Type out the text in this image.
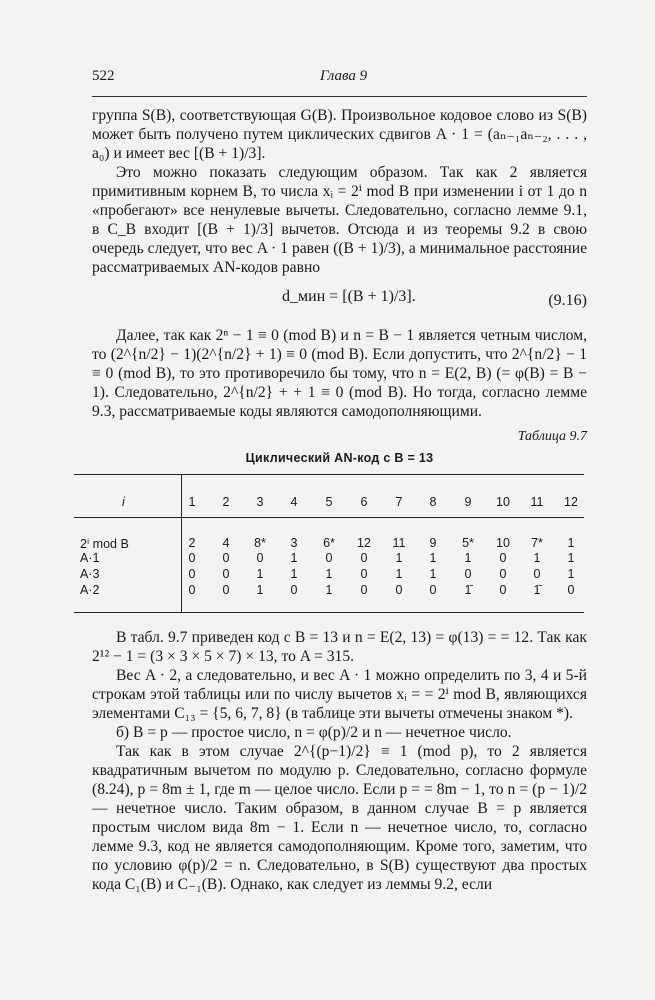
522	Глава 9

группа S(B), соответствующая G(B). Произвольное кодовое слово из S(B) может быть получено путем циклических сдвигов A · 1 = (aₙ₋₁aₙ₋₂, . . . , a₀) и имеет вес [(B + 1)/3].

Это можно показать следующим образом. Так как 2 является примитивным корнем B, то числа xᵢ = 2ⁱ mod B при изменении i от 1 до n «пробегают» все ненулевые вычеты. Следовательно, согласно лемме 9.1, в C_B входит [(B + 1)/3] вычетов. Отсюда и из теоремы 9.2 в свою очередь следует, что вес A · 1 равен ((B + 1)/3), а минимальное расстояние рассматриваемых AN-кодов равно

d_мин = [(B + 1)/3].	(9.16)

Далее, так как 2ⁿ − 1 ≡ 0 (mod B) и n = B − 1 является четным числом, то (2^{n/2} − 1)(2^{n/2} + 1) ≡ 0 (mod B). Если допустить, что 2^{n/2} − 1 ≡ 0 (mod B), то это противоречило бы тому, что n = E(2, B) (= φ(B) = B − 1). Следовательно, 2^{n/2} + + 1 ≡ 0 (mod B). Но тогда, согласно лемме 9.3, рассматриваемые коды являются самодополняющими.

Таблица 9.7
Циклический AN-код с B = 13
i	1	2	3	4	5	6	7	8	9	10	11	12
2ⁱ mod B	2	4	8*	3	6*	12	11	9	5*	10	7*	1
A·1	0	0	0	1	0	0	1	1	1	0	1	1
A·3	0	0	1	1	1	0	1	1	0	0	0	1
A·2	0	0	1	0	1	0	0	0	1̄	0	1̄	0

В табл. 9.7 приведен код с B = 13 и n = E(2, 13) = φ(13) = = 12. Так как 2¹² − 1 = (3 × 3 × 5 × 7) × 13, то A = 315.

Вес A · 2, а следовательно, и вес A · 1 можно определить по 3, 4 и 5-й строкам этой таблицы или по числу вычетов xᵢ = = 2ⁱ mod B, являющихся элементами C₁₃ = {5, 6, 7, 8} (в таблице эти вычеты отмечены знаком *).

б) B = p — простое число, n = φ(p)/2 и n — нечетное число.

Так как в этом случае 2^{(p−1)/2} ≡ 1 (mod p), то 2 является квадратичным вычетом по модулю p. Следовательно, согласно формуле (8.24), p = 8m ± 1, где m — целое число. Если p = = 8m − 1, то n = (p − 1)/2 — нечетное число. Таким образом, в данном случае B = p является простым числом вида 8m − 1. Если n — нечетное число, то, согласно лемме 9.3, код не является самодополняющим. Кроме того, заметим, что по условию φ(p)/2 = n. Следовательно, в S(B) существуют два простых кода C₁(B) и C₋₁(B). Однако, как следует из леммы 9.2, если
